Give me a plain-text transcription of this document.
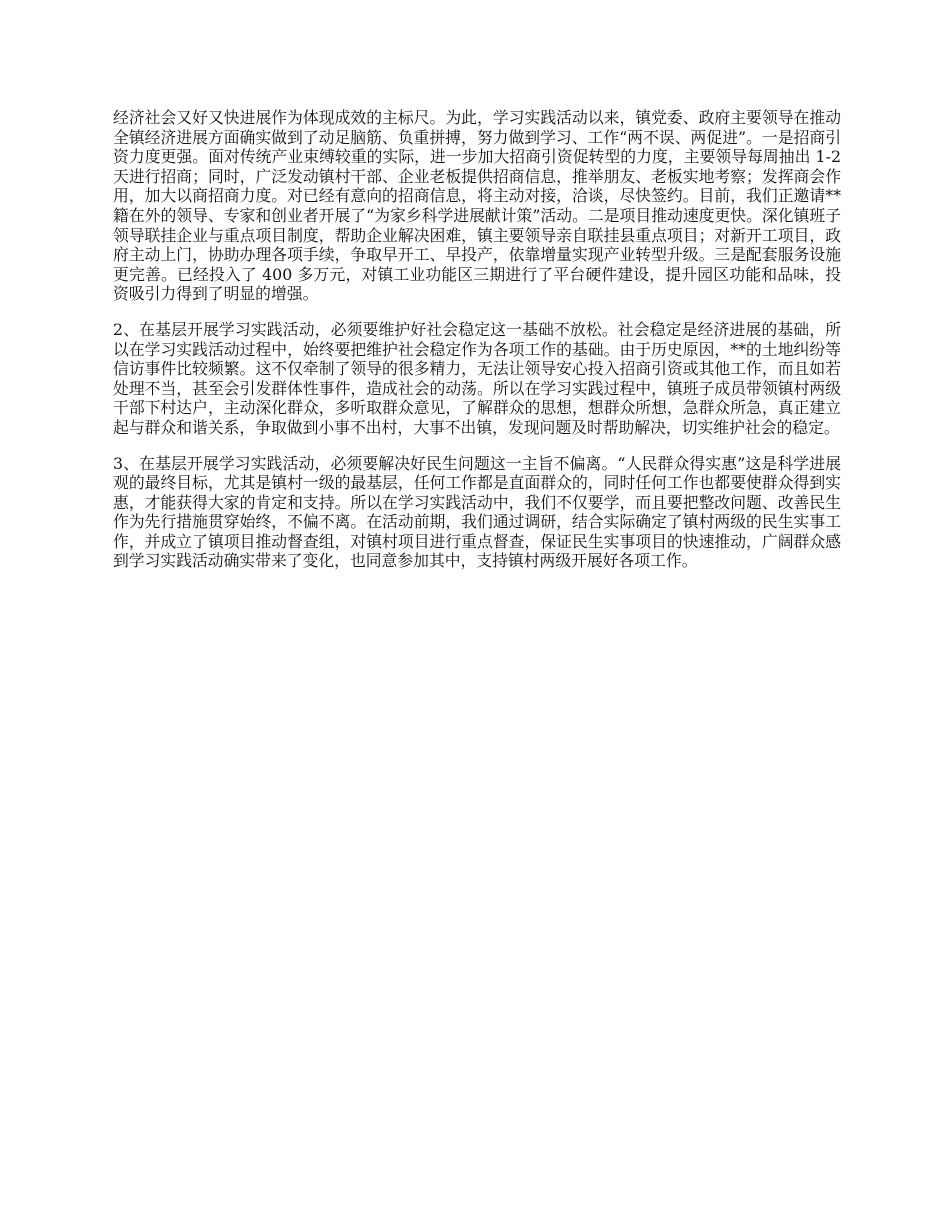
经济社会又好又快进展作为体现成效的主标尺。为此，学习实践活动以来，镇党委、政府主要领导在推动全镇经济进展方面确实做到了动足脑筋、负重拼搏，努力做到学习、工作“两不误、两促进”。一是招商引资力度更强。面对传统产业束缚较重的实际，进一步加大招商引资促转型的力度，主要领导每周抽出 1-2 天进行招商；同时，广泛发动镇村干部、企业老板提供招商信息，推举朋友、老板实地考察；发挥商会作用，加大以商招商力度。对已经有意向的招商信息，将主动对接，洽谈，尽快签约。目前，我们正邀请**籍在外的领导、专家和创业者开展了“为家乡科学进展献计策”活动。二是项目推动速度更快。深化镇班子领导联挂企业与重点项目制度，帮助企业解决困难，镇主要领导亲自联挂县重点项目；对新开工项目，政府主动上门，协助办理各项手续，争取早开工、早投产，依靠增量实现产业转型升级。三是配套服务设施更完善。已经投入了 400 多万元，对镇工业功能区三期进行了平台硬件建设，提升园区功能和品味，投资吸引力得到了明显的增强。

2、在基层开展学习实践活动，必须要维护好社会稳定这一基础不放松。社会稳定是经济进展的基础，所以在学习实践活动过程中，始终要把维护社会稳定作为各项工作的基础。由于历史原因，**的土地纠纷等信访事件比较频繁。这不仅牵制了领导的很多精力，无法让领导安心投入招商引资或其他工作，而且如若处理不当，甚至会引发群体性事件，造成社会的动荡。所以在学习实践过程中，镇班子成员带领镇村两级干部下村达户，主动深化群众，多听取群众意见，了解群众的思想，想群众所想，急群众所急，真正建立起与群众和谐关系，争取做到小事不出村，大事不出镇，发现问题及时帮助解决，切实维护社会的稳定。

3、在基层开展学习实践活动，必须要解决好民生问题这一主旨不偏离。“人民群众得实惠”这是科学进展观的最终目标，尤其是镇村一级的最基层，任何工作都是直面群众的，同时任何工作也都要使群众得到实惠，才能获得大家的肯定和支持。所以在学习实践活动中，我们不仅要学，而且要把整改问题、改善民生作为先行措施贯穿始终，不偏不离。在活动前期，我们通过调研，结合实际确定了镇村两级的民生实事工作，并成立了镇项目推动督查组，对镇村项目进行重点督查，保证民生实事项目的快速推动，广阔群众感到学习实践活动确实带来了变化，也同意参加其中，支持镇村两级开展好各项工作。
